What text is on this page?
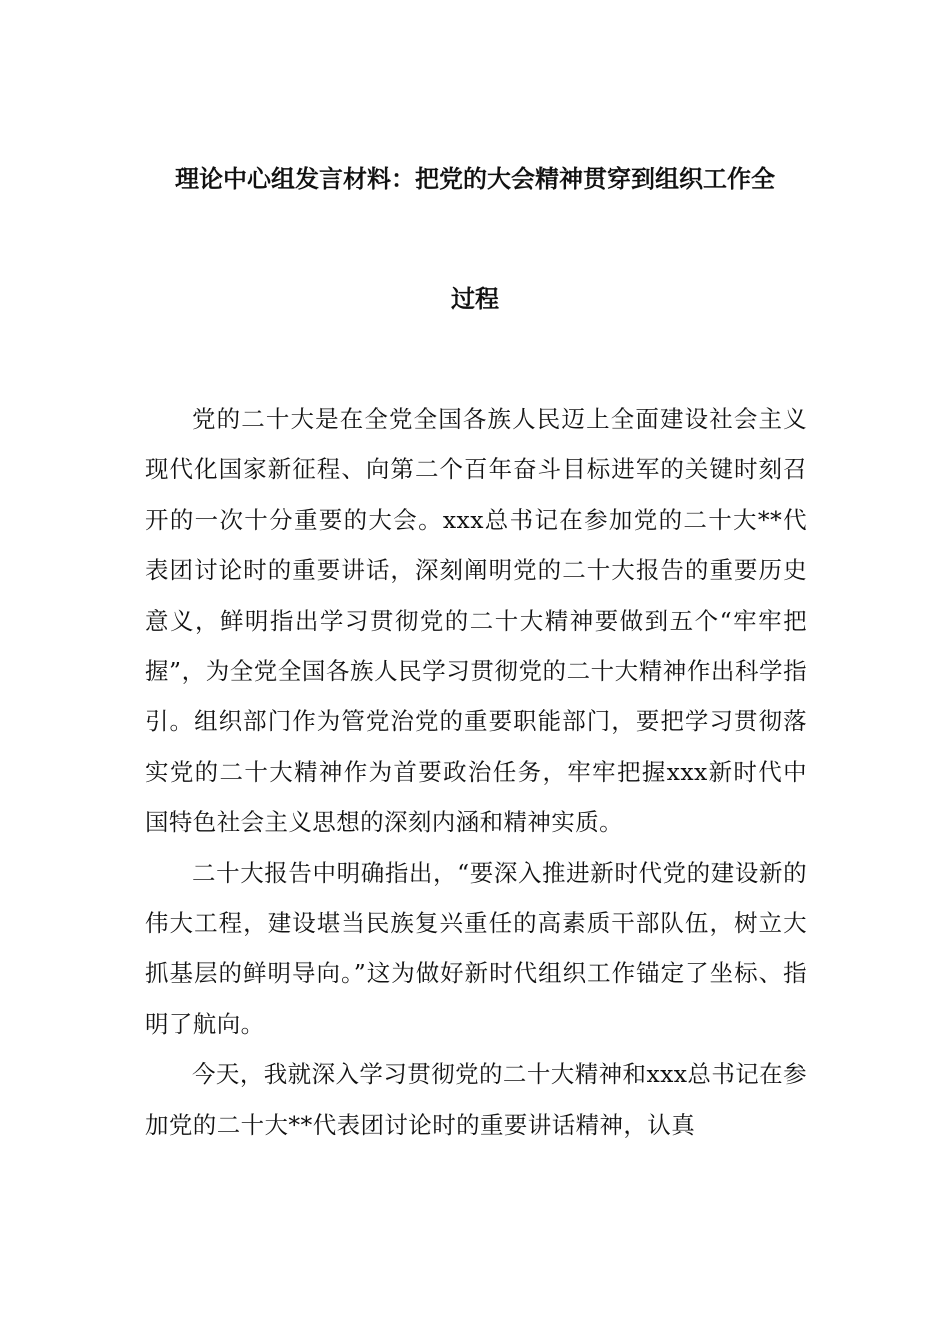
理论中心组发言材料：把党的大会精神贯穿到组织工作全
过程

党的二十大是在全党全国各族人民迈上全面建设社会主义现代化国家新征程、向第二个百年奋斗目标进军的关键时刻召开的一次十分重要的大会。xxx总书记在参加党的二十大**代表团讨论时的重要讲话，深刻阐明党的二十大报告的重要历史意义，鲜明指出学习贯彻党的二十大精神要做到五个“牢牢把握”，为全党全国各族人民学习贯彻党的二十大精神作出科学指引。组织部门作为管党治党的重要职能部门，要把学习贯彻落实党的二十大精神作为首要政治任务，牢牢把握xxx新时代中国特色社会主义思想的深刻内涵和精神实质。

二十大报告中明确指出，“要深入推进新时代党的建设新的伟大工程，建设堪当民族复兴重任的高素质干部队伍，树立大抓基层的鲜明导向。”这为做好新时代组织工作锚定了坐标、指明了航向。

今天，我就深入学习贯彻党的二十大精神和xxx总书记在参加党的二十大**代表团讨论时的重要讲话精神，认真
